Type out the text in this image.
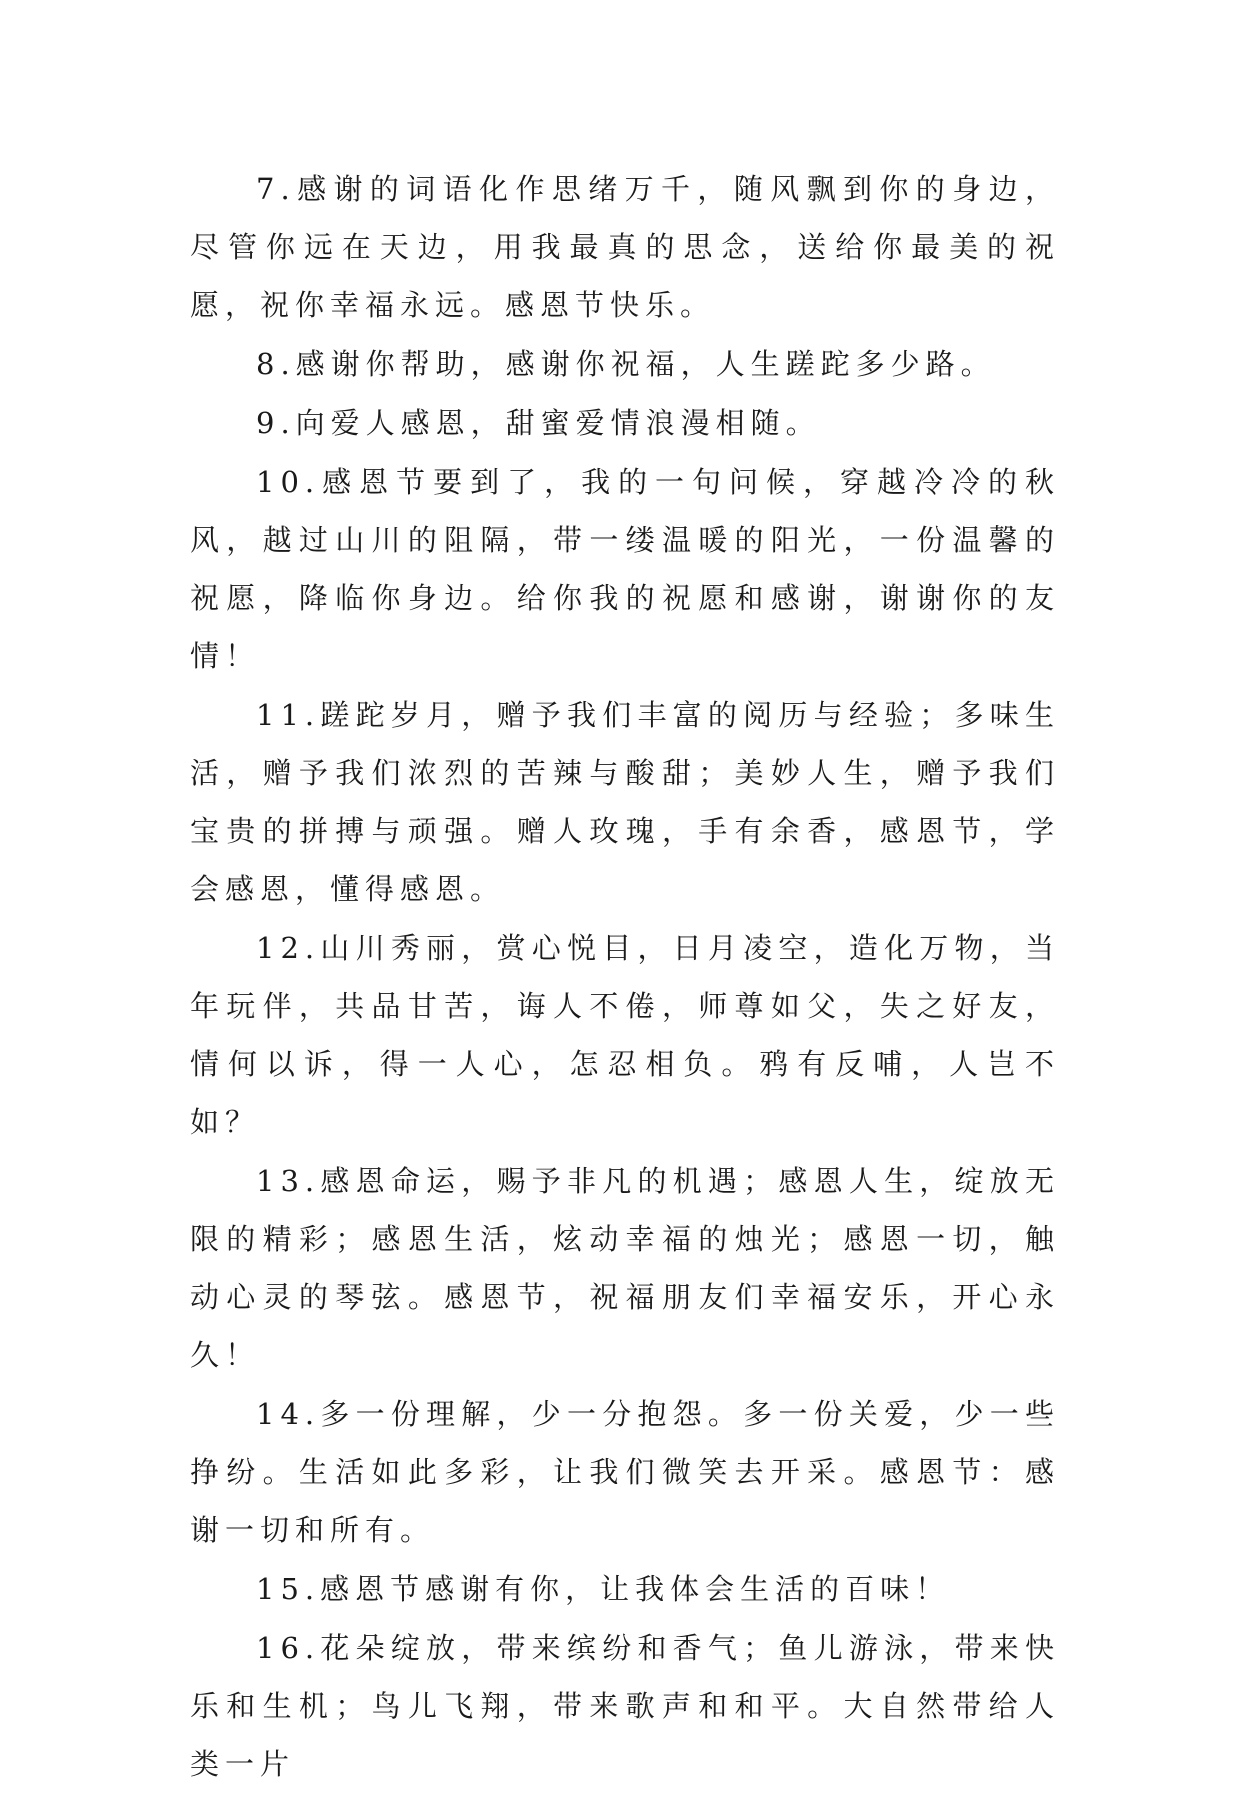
7.感谢的词语化作思绪万千，随风飘到你的身边，尽管你远在天边，用我最真的思念，送给你最美的祝愿，祝你幸福永远。感恩节快乐。

8.感谢你帮助，感谢你祝福，人生蹉跎多少路。

9.向爱人感恩，甜蜜爱情浪漫相随。

10.感恩节要到了，我的一句问候，穿越冷冷的秋风，越过山川的阻隔，带一缕温暖的阳光，一份温馨的祝愿，降临你身边。给你我的祝愿和感谢，谢谢你的友情！

11.蹉跎岁月，赠予我们丰富的阅历与经验；多味生活，赠予我们浓烈的苦辣与酸甜；美妙人生，赠予我们宝贵的拼搏与顽强。赠人玫瑰，手有余香，感恩节，学会感恩，懂得感恩。

12.山川秀丽，赏心悦目，日月凌空，造化万物，当年玩伴，共品甘苦，诲人不倦，师尊如父，失之好友，情何以诉，得一人心，怎忍相负。鸦有反哺，人岂不如？

13.感恩命运，赐予非凡的机遇；感恩人生，绽放无限的精彩；感恩生活，炫动幸福的烛光；感恩一切，触动心灵的琴弦。感恩节，祝福朋友们幸福安乐，开心永久！

14.多一份理解，少一分抱怨。多一份关爱，少一些挣纷。生活如此多彩，让我们微笑去开采。感恩节：感谢一切和所有。

15.感恩节感谢有你，让我体会生活的百味！

16.花朵绽放，带来缤纷和香气；鱼儿游泳，带来快乐和生机；鸟儿飞翔，带来歌声和和平。大自然带给人类一片
